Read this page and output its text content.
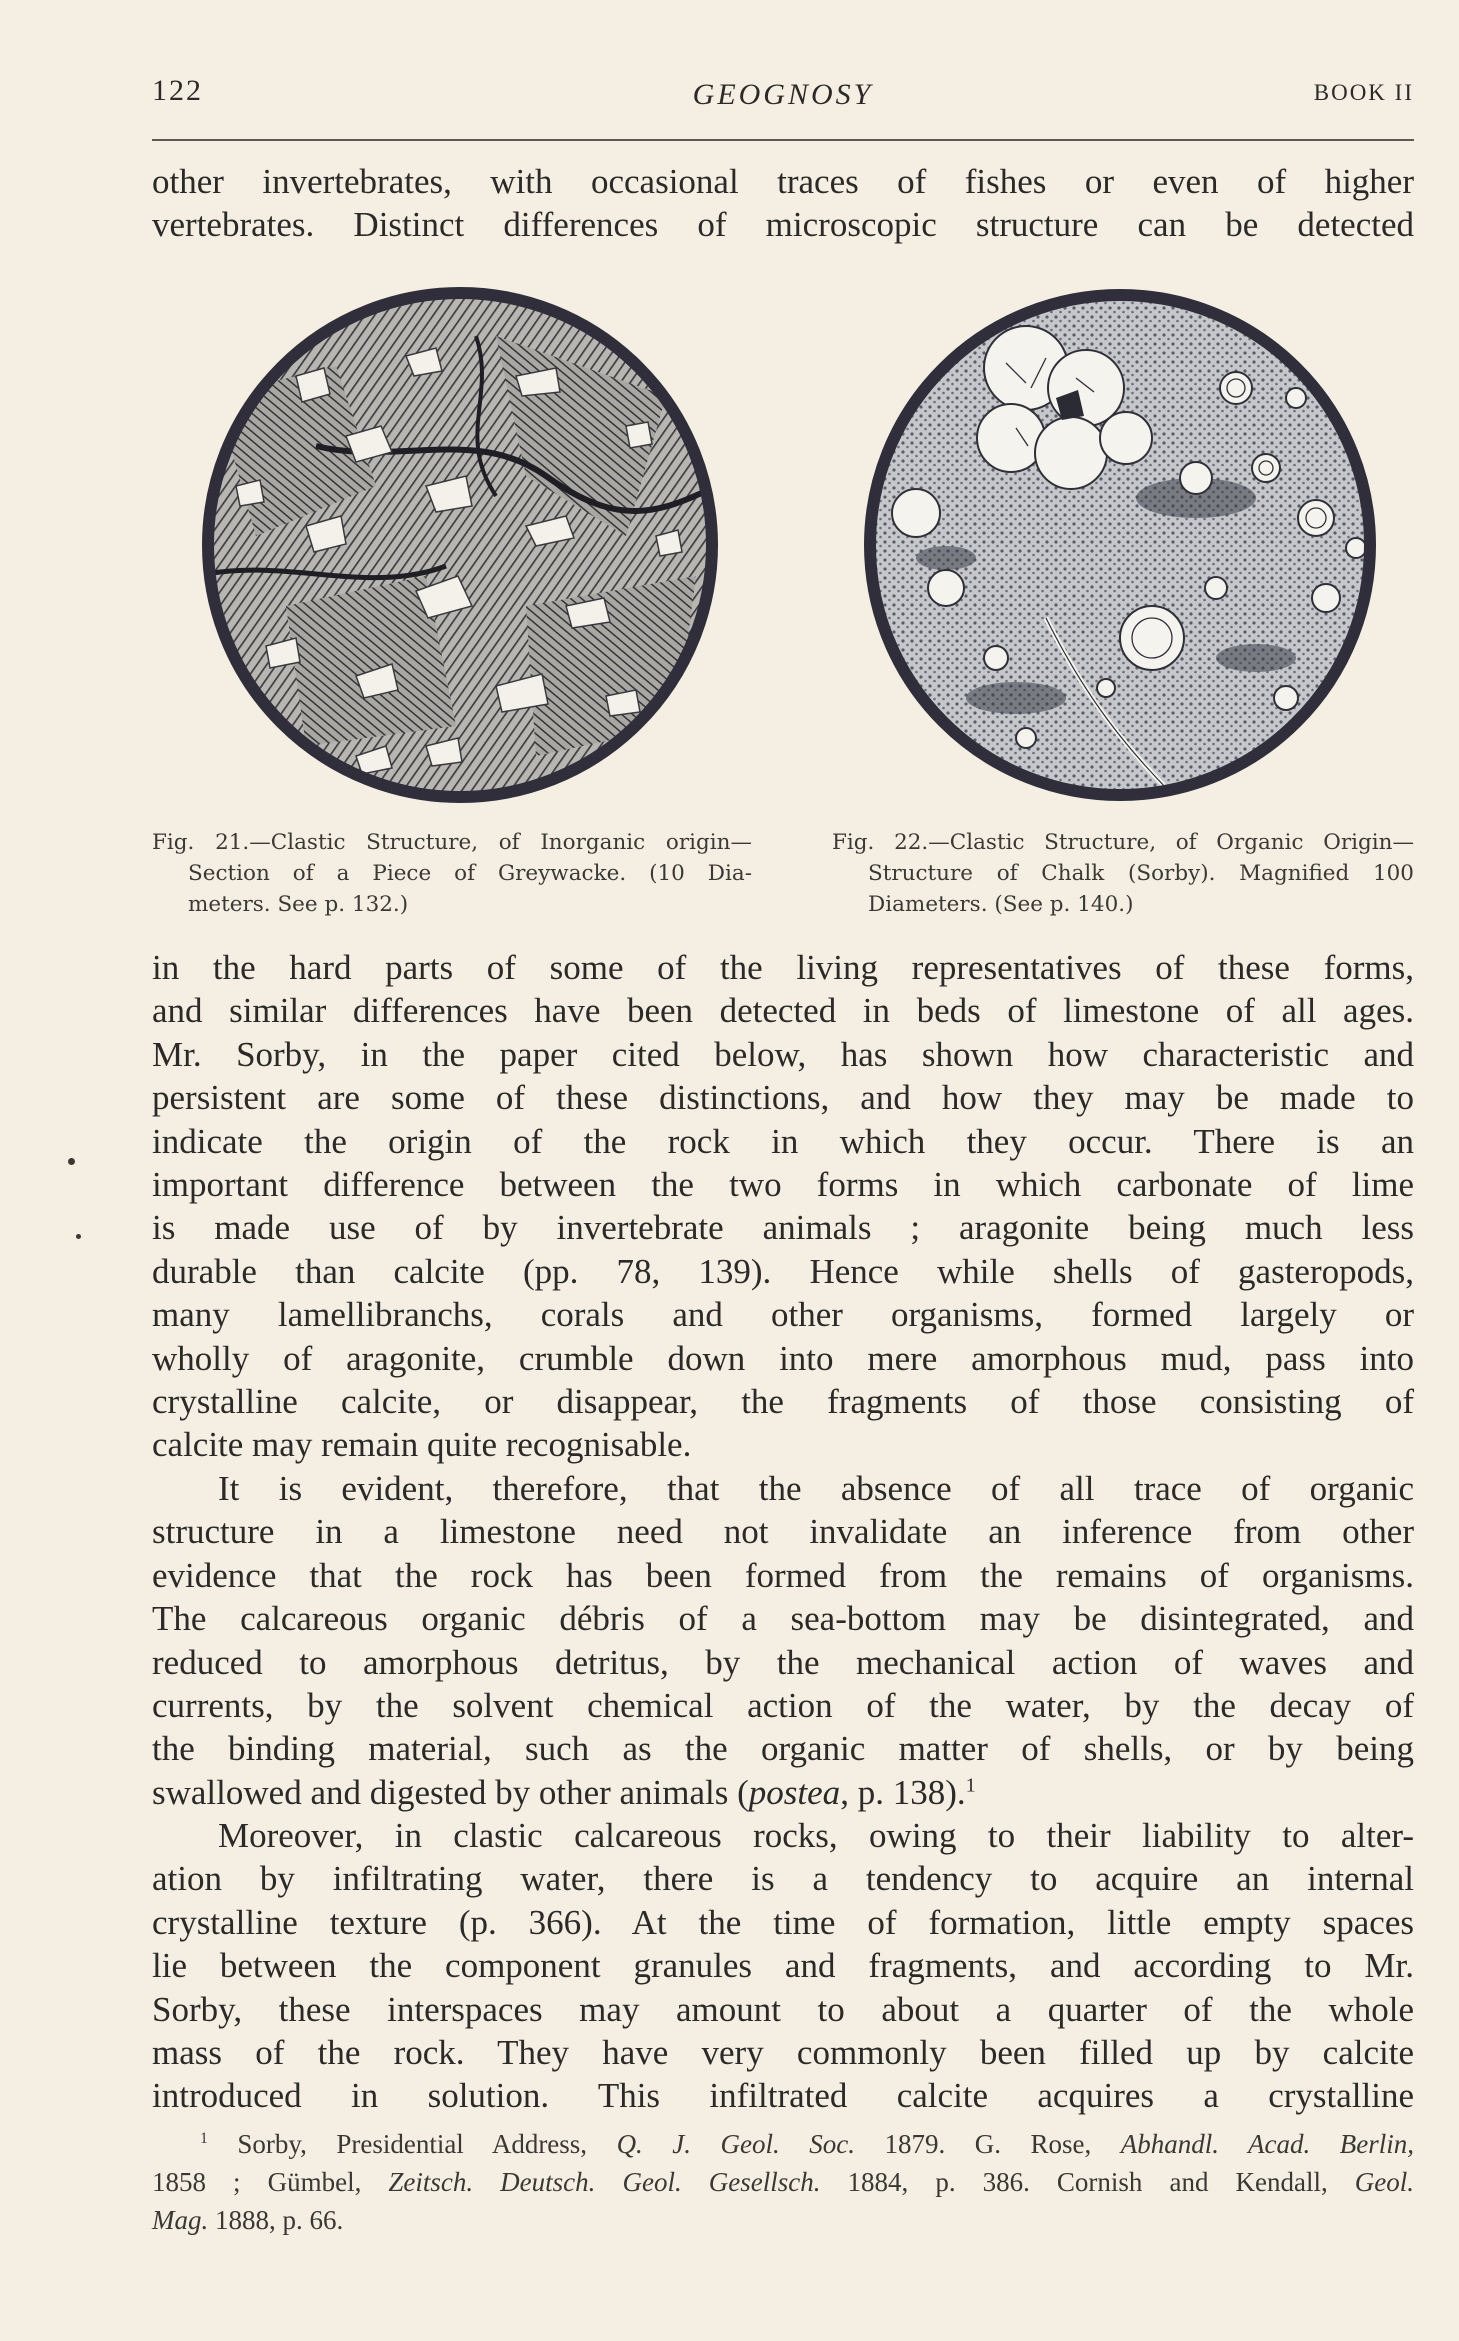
122	GEOGNOSY	BOOK II

other invertebrates, with occasional traces of fishes or even of higher
vertebrates. Distinct differences of microscopic structure can be detected

Fig. 21.—Clastic Structure, of Inorganic origin—
Section of a Piece of Greywacke. (10 Dia-
meters. See p. 132.)
Fig. 22.—Clastic Structure, of Organic Origin—
Structure of Chalk (Sorby). Magnified 100
Diameters. (See p. 140.)

in the hard parts of some of the living representatives of these forms,
and similar differences have been detected in beds of limestone of all ages.
Mr. Sorby, in the paper cited below, has shown how characteristic and
persistent are some of these distinctions, and how they may be made to
indicate the origin of the rock in which they occur. There is an
important difference between the two forms in which carbonate of lime
is made use of by invertebrate animals ; aragonite being much less
durable than calcite (pp. 78, 139). Hence while shells of gasteropods,
many lamellibranchs, corals and other organisms, formed largely or
wholly of aragonite, crumble down into mere amorphous mud, pass into
crystalline calcite, or disappear, the fragments of those consisting of
calcite may remain quite recognisable.

It is evident, therefore, that the absence of all trace of organic
structure in a limestone need not invalidate an inference from other
evidence that the rock has been formed from the remains of organisms.
The calcareous organic débris of a sea-bottom may be disintegrated, and
reduced to amorphous detritus, by the mechanical action of waves and
currents, by the solvent chemical action of the water, by the decay of
the binding material, such as the organic matter of shells, or by being
swallowed and digested by other animals (postea, p. 138).$^1$

Moreover, in clastic calcareous rocks, owing to their liability to alter-
ation by infiltrating water, there is a tendency to acquire an internal
crystalline texture (p. 366). At the time of formation, little empty spaces
lie between the component granules and fragments, and according to Mr.
Sorby, these interspaces may amount to about a quarter of the whole
mass of the rock. They have very commonly been filled up by calcite
introduced in solution. This infiltrated calcite acquires a crystalline

$^1$ Sorby, Presidential Address, Q. J. Geol. Soc. 1879. G. Rose, Abhandl. Acad. Berlin,
1858 ; Gümbel, Zeitsch. Deutsch. Geol. Gesellsch. 1884, p. 386. Cornish and Kendall, Geol.
Mag. 1888, p. 66.
